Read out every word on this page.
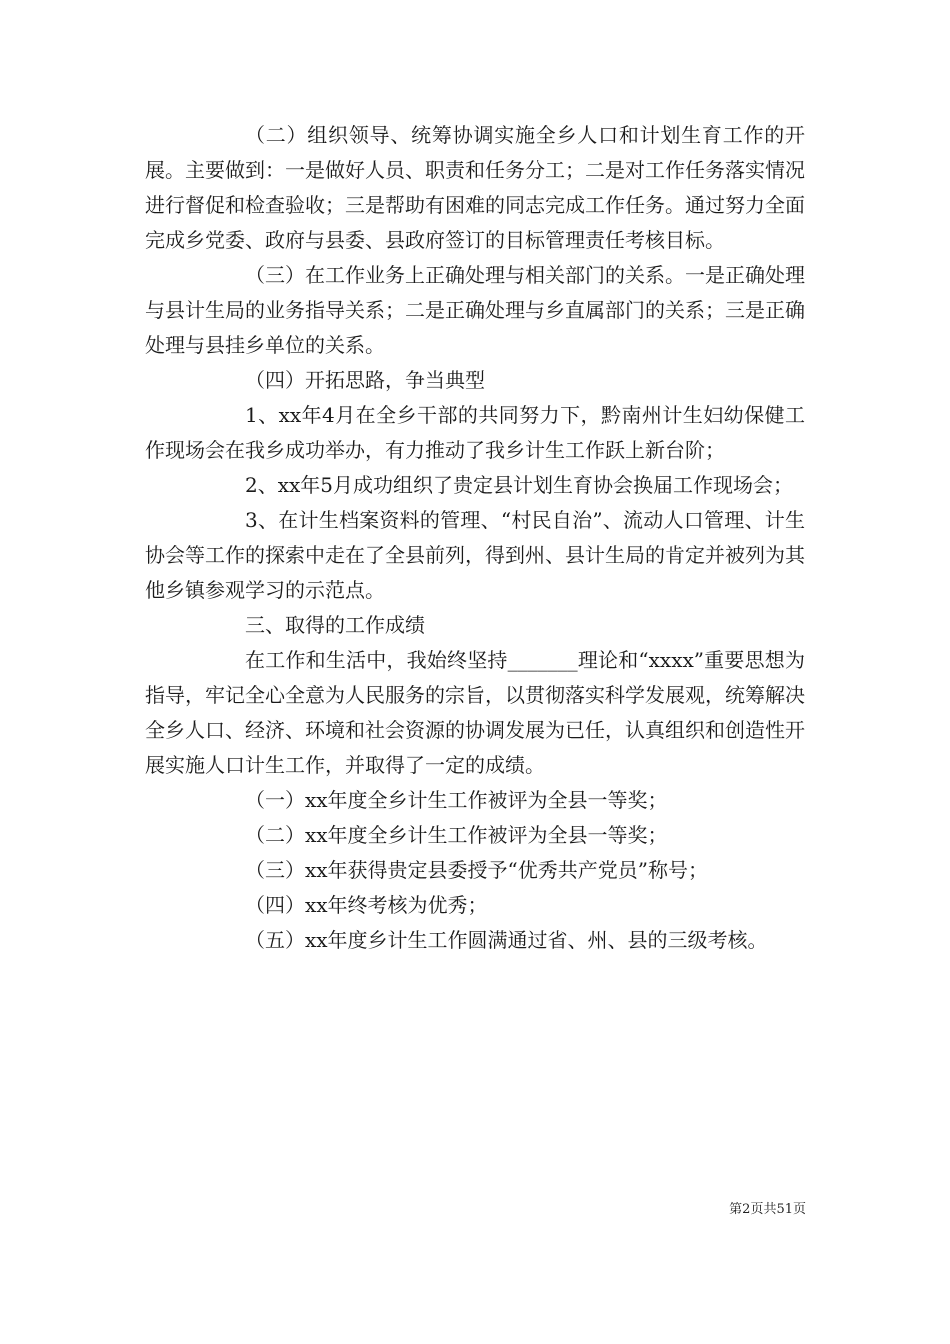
（二）组织领导、统筹协调实施全乡人口和计划生育工作的开展。主要做到：一是做好人员、职责和任务分工；二是对工作任务落实情况进行督促和检查验收；三是帮助有困难的同志完成工作任务。通过努力全面完成乡党委、政府与县委、县政府签订的目标管理责任考核目标。

（三）在工作业务上正确处理与相关部门的关系。一是正确处理与县计生局的业务指导关系；二是正确处理与乡直属部门的关系；三是正确处理与县挂乡单位的关系。

（四）开拓思路，争当典型

1、xx年4月在全乡干部的共同努力下，黔南州计生妇幼保健工作现场会在我乡成功举办，有力推动了我乡计生工作跃上新台阶；

2、xx年5月成功组织了贵定县计划生育协会换届工作现场会；

3、在计生档案资料的管理、“村民自治”、流动人口管理、计生协会等工作的探索中走在了全县前列，得到州、县计生局的肯定并被列为其他乡镇参观学习的示范点。

三、取得的工作成绩

在工作和生活中，我始终坚持_______理论和“xxxx”重要思想为指导，牢记全心全意为人民服务的宗旨，以贯彻落实科学发展观，统筹解决全乡人口、经济、环境和社会资源的协调发展为已任，认真组织和创造性开展实施人口计生工作，并取得了一定的成绩。

（一）xx年度全乡计生工作被评为全县一等奖；

（二）xx年度全乡计生工作被评为全县一等奖；

（三）xx年获得贵定县委授予“优秀共产党员”称号；

（四）xx年终考核为优秀；

（五）xx年度乡计生工作圆满通过省、州、县的三级考核。

第2页共51页
